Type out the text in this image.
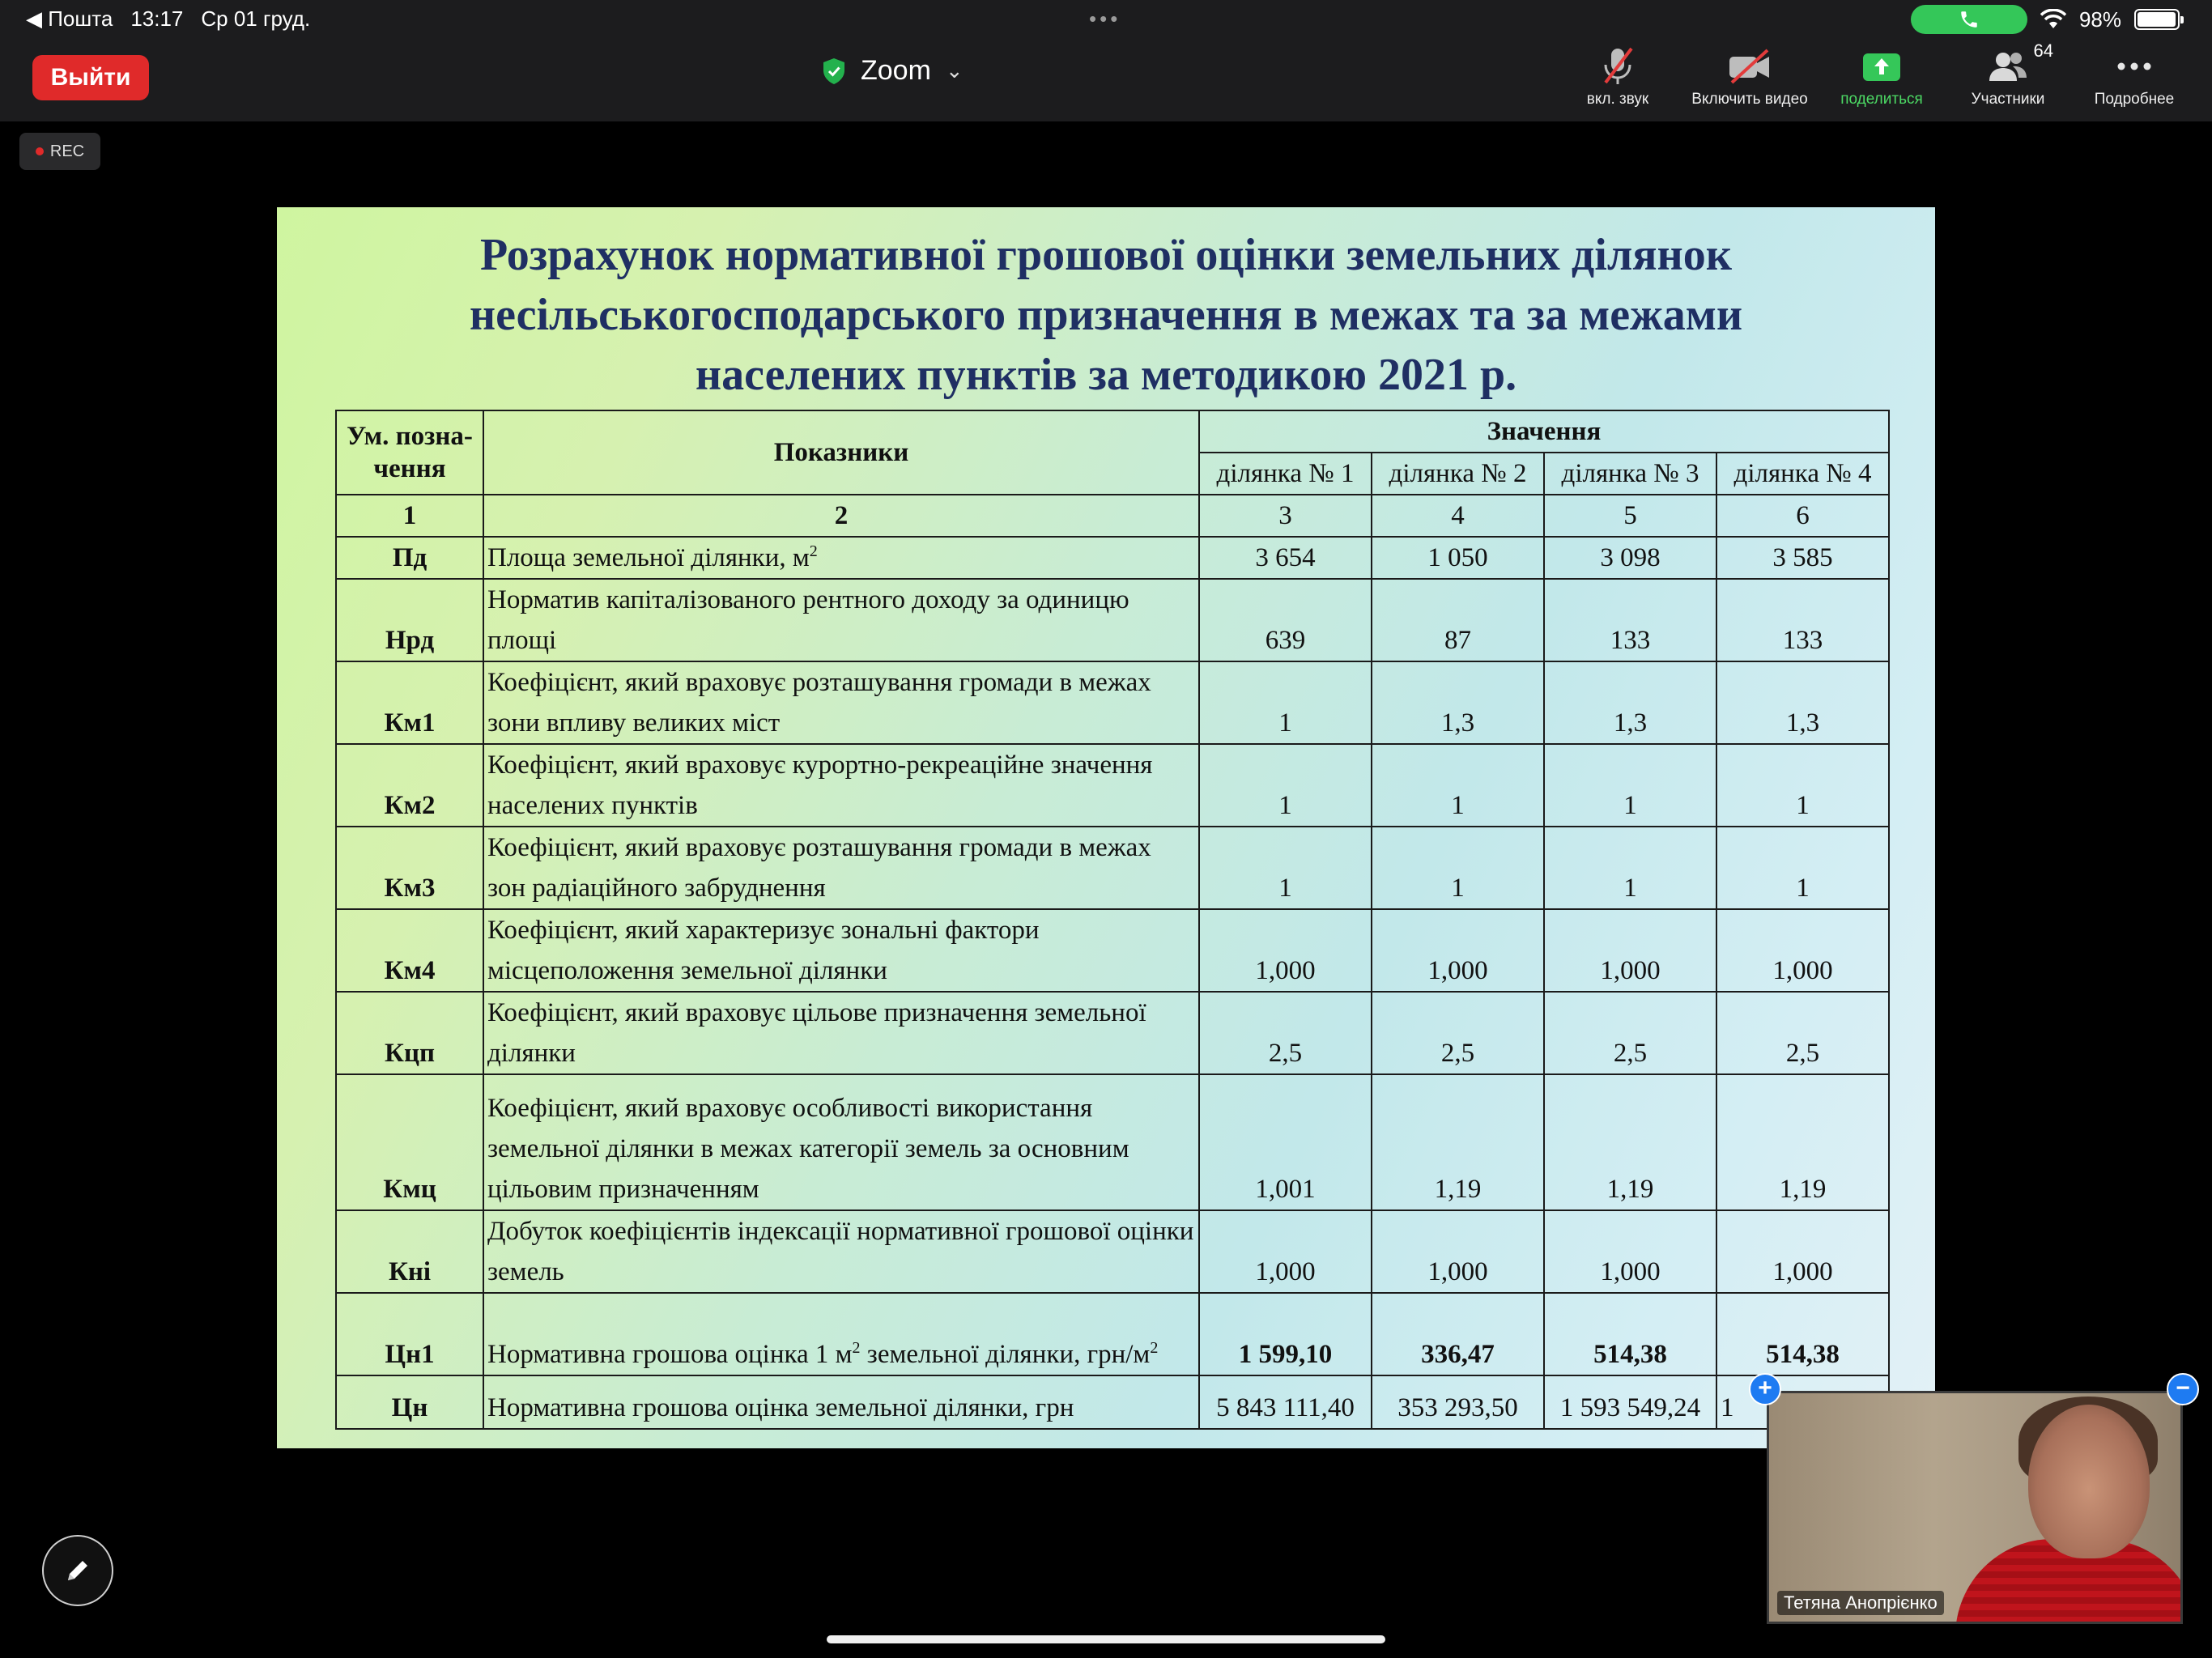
◀ Пошта 13:17 Ср 01 груд.	•••	98%
Выйти	Zoom ⌄
вкл. звук	Включить видео поделиться
64
Участники	Подробнее
REC
Розрахунок нормативної грошової оцінки земельних ділянок
несільськогосподарського призначення в межах та за межами
населених пунктів за методикою 2021 р.
Ум. позна-чення	Показники	Значення			
		ділянка № 1	ділянка № 2	ділянка № 3	ділянка № 4
1	2	3	4	5	6
Пд	Площа земельної ділянки, $м^2$	3 654	1 050	3 098	3 585
Нрд	Норматив капіталізованого рентного доходу за одиницю площі	639	87	133	133
Км1	Коефіцієнт, який враховує розташування громади в межах зони впливу великих міст	1	1,3	1,3	1,3
Км2	Коефіцієнт, який враховує курортно-рекреаційне значення населених пунктів	1	1	1	1
Км3	Коефіцієнт, який враховує розташування громади в межах зон радіаційного забруднення	1	1	1	1
Км4	Коефіцієнт, який характеризує зональні фактори місцеположення земельної ділянки	1,000	1,000	1,000	1,000
Кцп	Коефіцієнт, який враховує цільове призначення земельної ділянки	2,5	2,5	2,5	2,5
Кмц	Коефіцієнт, який враховує особливості використання земельної ділянки в межах категорії земель за основним цільовим призначенням	1,001	1,19	1,19	1,19
Кні	Добуток коефіцієнтів індексації нормативної грошової оцінки земель	1,000	1,000	1,000	1,000
Цн1	Нормативна грошова оцінка 1 $м^2$ земельної ділянки, грн/$м^2$	1 599,10	336,47	514,38	514,38
Цн	Нормативна грошова оцінка земельної ділянки, грн	5 843 111,40	353 293,50	1 593 549,24	1
Тетяна Анопрієнко
+	−
